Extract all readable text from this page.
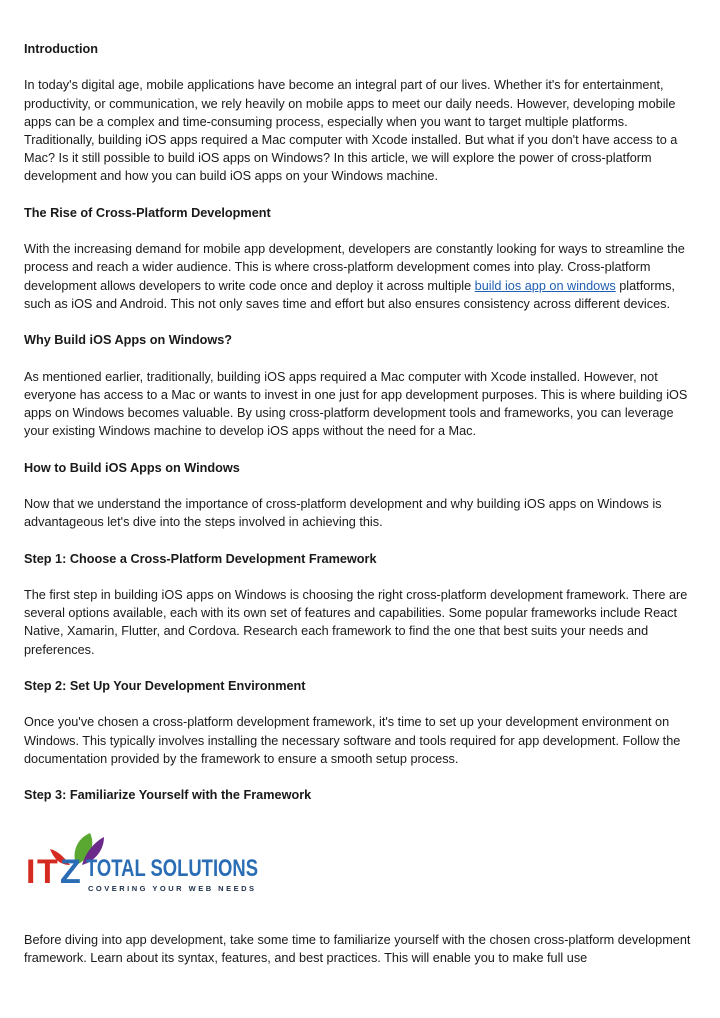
Introduction

In today's digital age, mobile applications have become an integral part of our lives. Whether it's for entertainment, productivity, or communication, we rely heavily on mobile apps to meet our daily needs. However, developing mobile apps can be a complex and time-consuming process, especially when you want to target multiple platforms. Traditionally, building iOS apps required a Mac computer with Xcode installed. But what if you don't have access to a Mac? Is it still possible to build iOS apps on Windows? In this article, we will explore the power of cross-platform development and how you can build iOS apps on your Windows machine.

The Rise of Cross-Platform Development

With the increasing demand for mobile app development, developers are constantly looking for ways to streamline the process and reach a wider audience. This is where cross-platform development comes into play. Cross-platform development allows developers to write code once and deploy it across multiple build ios app on windows platforms, such as iOS and Android. This not only saves time and effort but also ensures consistency across different devices.

Why Build iOS Apps on Windows?

As mentioned earlier, traditionally, building iOS apps required a Mac computer with Xcode installed. However, not everyone has access to a Mac or wants to invest in one just for app development purposes. This is where building iOS apps on Windows becomes valuable. By using cross-platform development tools and frameworks, you can leverage your existing Windows machine to develop iOS apps without the need for a Mac.

How to Build iOS Apps on Windows

Now that we understand the importance of cross-platform development and why building iOS apps on Windows is advantageous let's dive into the steps involved in achieving this.

Step 1: Choose a Cross-Platform Development Framework

The first step in building iOS apps on Windows is choosing the right cross-platform development framework. There are several options available, each with its own set of features and capabilities. Some popular frameworks include React Native, Xamarin, Flutter, and Cordova. Research each framework to find the one that best suits your needs and preferences.

Step 2: Set Up Your Development Environment

Once you've chosen a cross-platform development framework, it's time to set up your development environment on Windows. This typically involves installing the necessary software and tools required for app development. Follow the documentation provided by the framework to ensure a smooth setup process.

Step 3: Familiarize Yourself with the Framework
I T Z TOTAL SOLUTIONS
COVERING YOUR WEB NEEDS

Before diving into app development, take some time to familiarize yourself with the chosen cross-platform development framework. Learn about its syntax, features, and best practices. This will enable you to make full use
